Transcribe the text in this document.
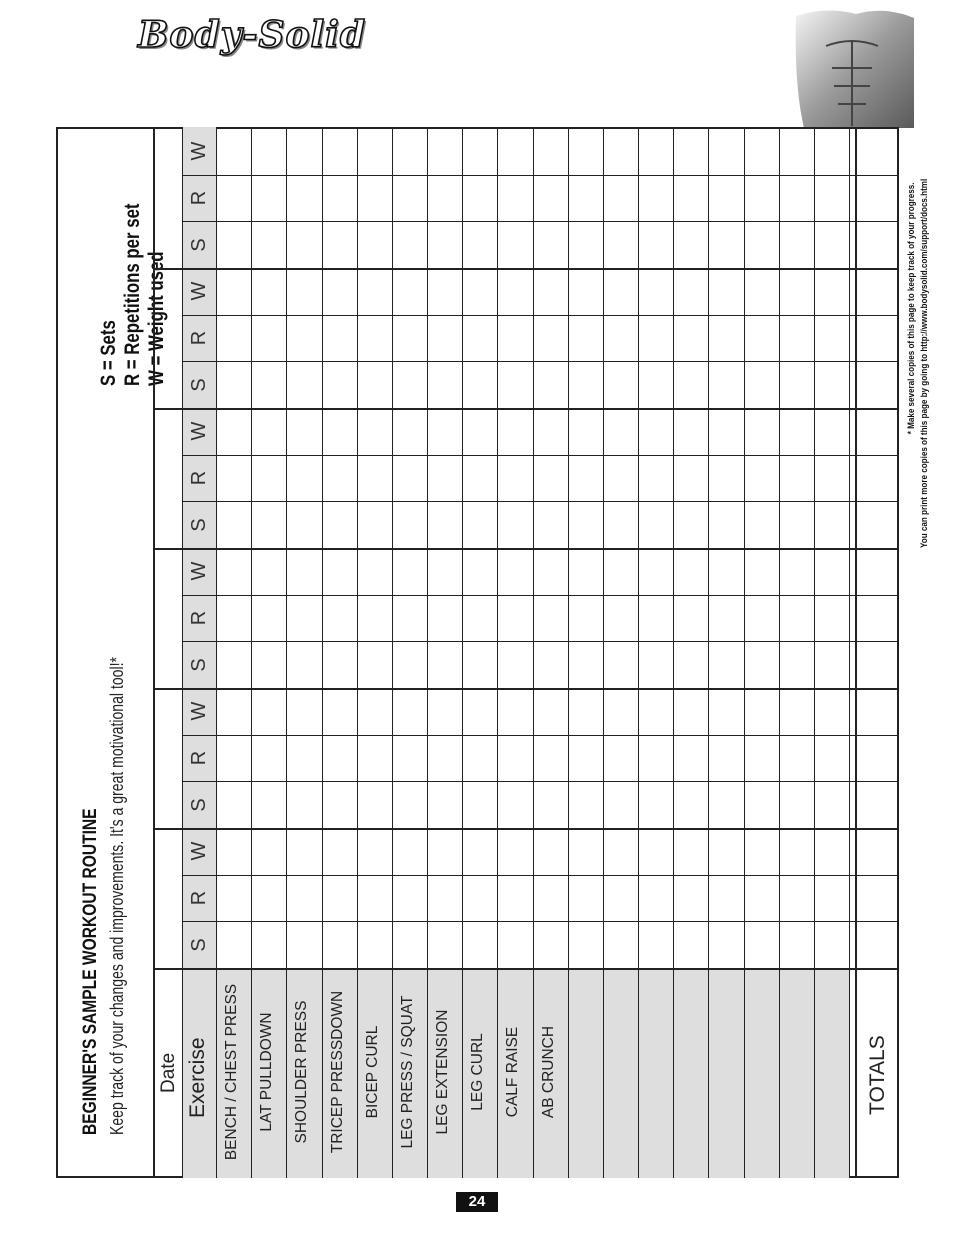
Body-Solid
BEGINNER'S SAMPLE WORKOUT ROUTINE Keep track of your changes and improvements. It's a great motivational tool!*
S = Sets R = Repetitions per set W = Weight used
S
R
W
S
R
W
S
R
W
S
R
W
S
R
W
S
R
W
Date Exercise BENCH / CHEST PRESS LAT PULLDOWN SHOULDER PRESS TRICEP PRESSDOWN BICEP CURL LEG PRESS / SQUAT LEG EXTENSION LEG CURL CALF RAISE AB CRUNCH	TOTALS
* Make several copies of this page to keep track of your progress. You can print more copies of this page by going to http://www.bodysolid.com/support/docs.html
24
